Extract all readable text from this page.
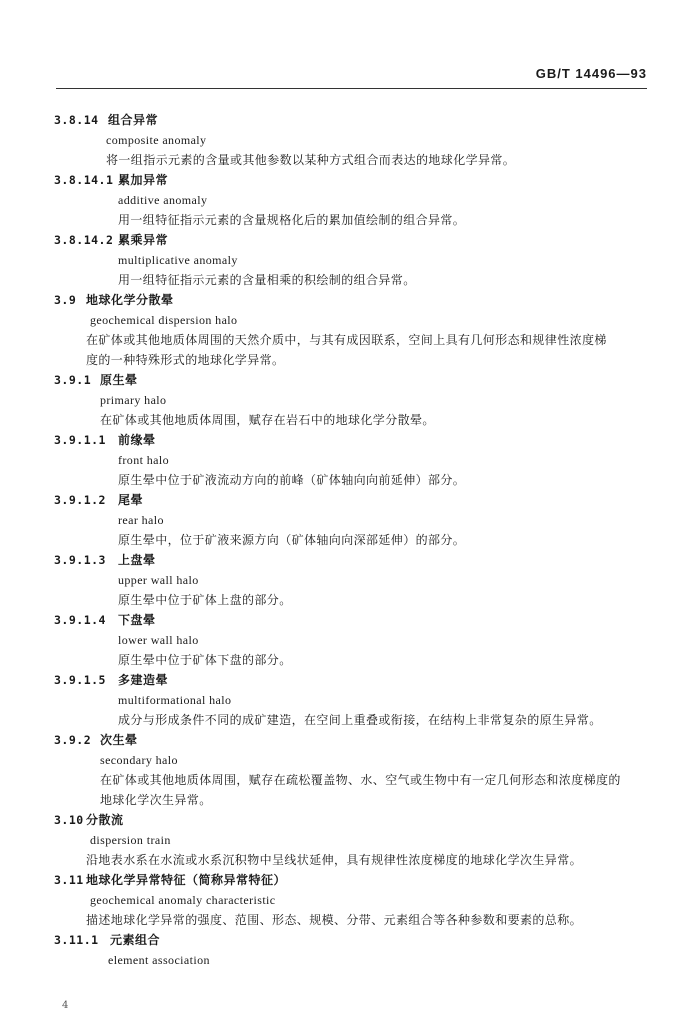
GB/T 14496—93
3.8.14 组合异常
composite anomaly
将一组指示元素的含量或其他参数以某种方式组合而表达的地球化学异常。
3.8.14.1 累加异常
additive anomaly
用一组特征指示元素的含量规格化后的累加值绘制的组合异常。
3.8.14.2 累乘异常
multiplicative anomaly
用一组特征指示元素的含量相乘的积绘制的组合异常。
3.9 地球化学分散晕
geochemical dispersion halo
在矿体或其他地质体周围的天然介质中，与其有成因联系，空间上具有几何形态和规律性浓度梯
度的一种特殊形式的地球化学异常。
3.9.1 原生晕
primary halo
在矿体或其他地质体周围，赋存在岩石中的地球化学分散晕。
3.9.1.1 前缘晕
front halo
原生晕中位于矿液流动方向的前峰（矿体轴向向前延伸）部分。
3.9.1.2 尾晕
rear halo
原生晕中，位于矿液来源方向（矿体轴向向深部延伸）的部分。
3.9.1.3 上盘晕
upper wall halo
原生晕中位于矿体上盘的部分。
3.9.1.4 下盘晕
lower wall halo
原生晕中位于矿体下盘的部分。
3.9.1.5 多建造晕
multiformational halo
成分与形成条件不同的成矿建造，在空间上重叠或衔接，在结构上非常复杂的原生异常。
3.9.2 次生晕
secondary halo
在矿体或其他地质体周围，赋存在疏松覆盖物、水、空气或生物中有一定几何形态和浓度梯度的
地球化学次生异常。
3.10 分散流
dispersion train
沿地表水系在水流或水系沉积物中呈线状延伸，具有规律性浓度梯度的地球化学次生异常。
3.11 地球化学异常特征（简称异常特征）
geochemical anomaly characteristic
描述地球化学异常的强度、范围、形态、规模、分带、元素组合等各种参数和要素的总称。
3.11.1 元素组合
element association
4
